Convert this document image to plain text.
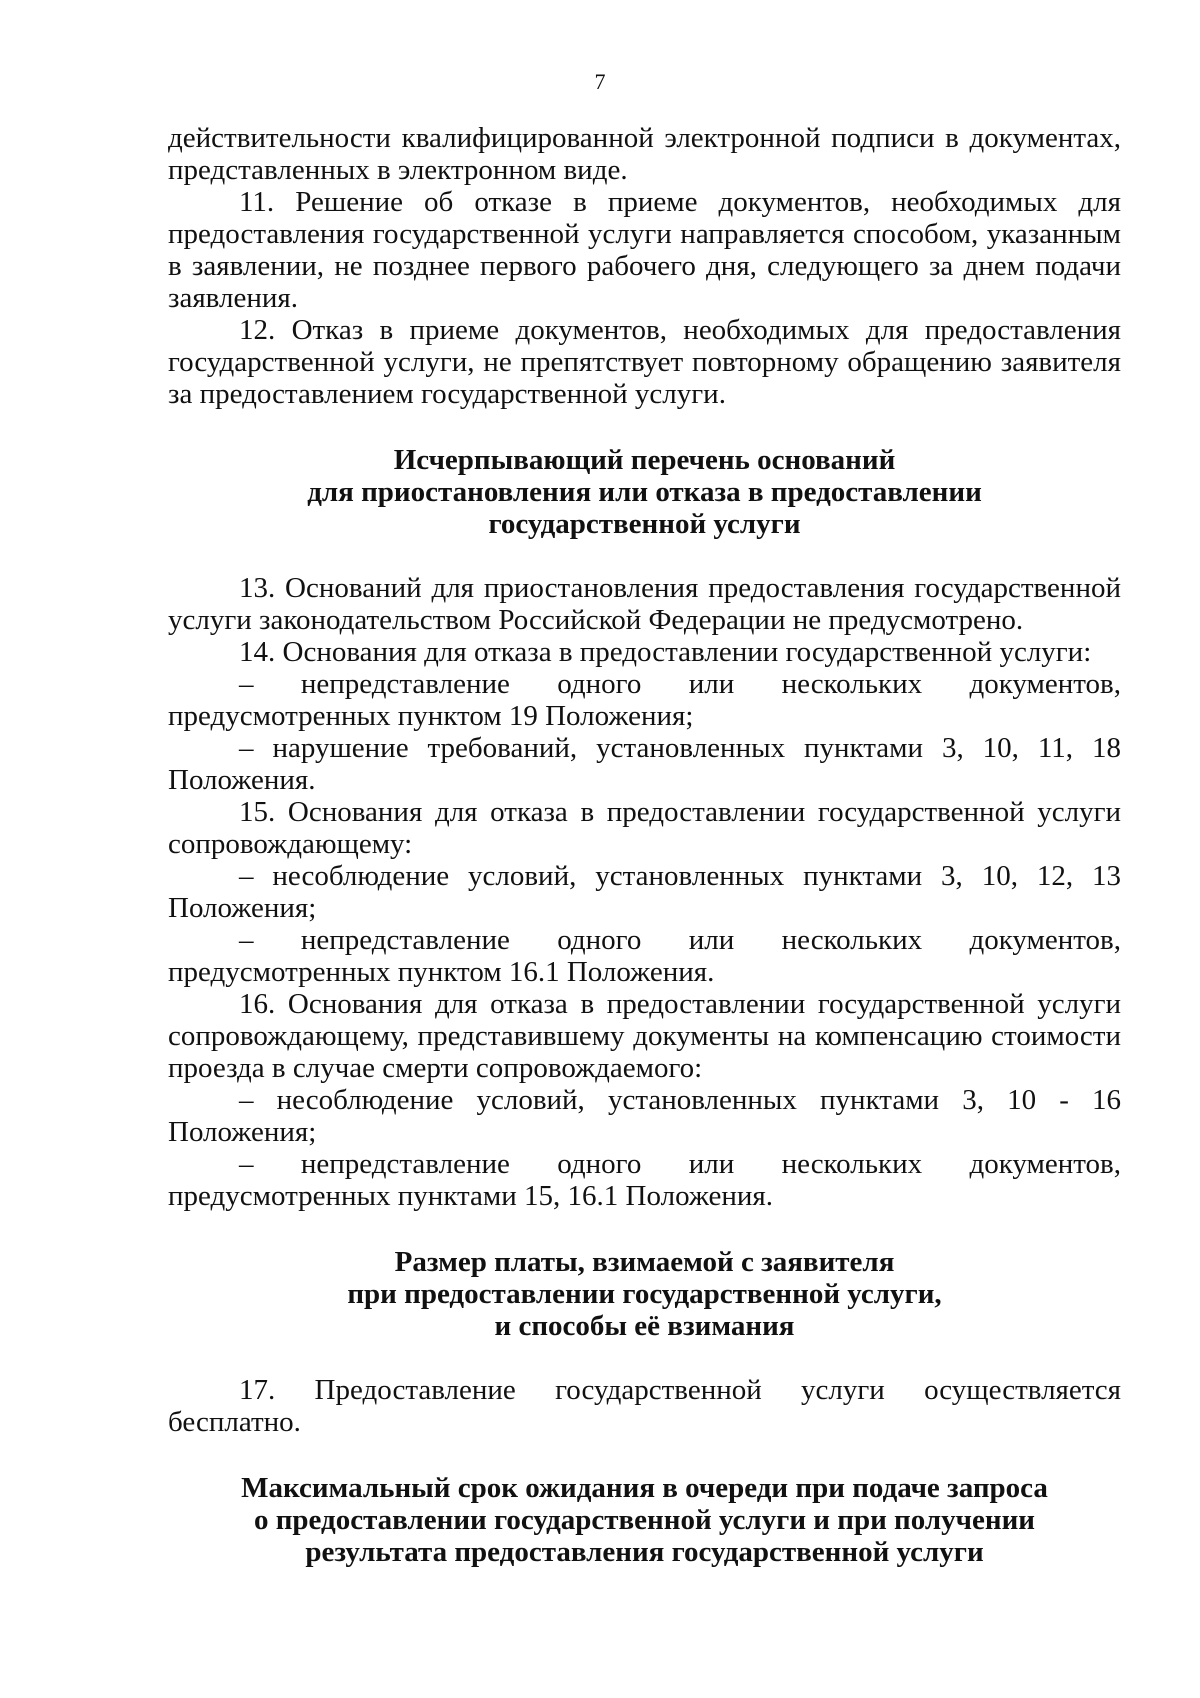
7

действительности квалифицированной электронной подписи в документах, представленных в электронном виде.

11. Решение об отказе в приеме документов, необходимых для предоставления государственной услуги направляется способом, указанным в заявлении, не позднее первого рабочего дня, следующего за днем подачи заявления.

12. Отказ в приеме документов, необходимых для предоставления государственной услуги, не препятствует повторному обращению заявителя за предоставлением государственной услуги.

Исчерпывающий перечень оснований
для приостановления или отказа в предоставлении
государственной услуги

13. Оснований для приостановления предоставления государственной услуги законодательством Российской Федерации не предусмотрено.

14. Основания для отказа в предоставлении государственной услуги:

– непредставление одного или нескольких документов, предусмотренных пунктом 19 Положения;

– нарушение требований, установленных пунктами 3, 10, 11, 18 Положения.

15. Основания для отказа в предоставлении государственной услуги сопровождающему:

– несоблюдение условий, установленных пунктами 3, 10, 12, 13 Положения;

– непредставление одного или нескольких документов, предусмотренных пунктом 16.1 Положения.

16. Основания для отказа в предоставлении государственной услуги сопровождающему, представившему документы на компенсацию стоимости проезда в случае смерти сопровождаемого:

– несоблюдение условий, установленных пунктами 3, 10 - 16 Положения;

– непредставление одного или нескольких документов, предусмотренных пунктами 15, 16.1 Положения.

Размер платы, взимаемой с заявителя
при предоставлении государственной услуги,
и способы её взимания

17. Предоставление государственной услуги осуществляется бесплатно.

Максимальный срок ожидания в очереди при подаче запроса
о предоставлении государственной услуги и при получении
результата предоставления государственной услуги
